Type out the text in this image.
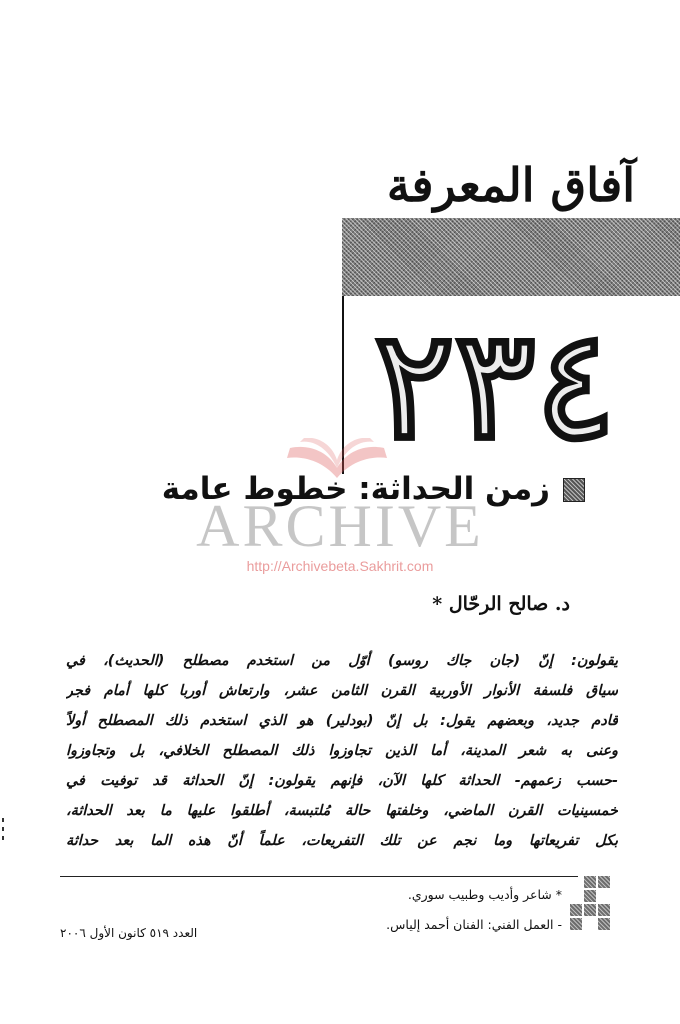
آفاق المعرفة
٢٣٤
ARCHIVE
http://Archivebeta.Sakhrit.com
زمن الحداثة: خطوط عامة
د. صالح الرحّال *
يقولون: إنّ (جان جاك روسو) أوّل من استخدم مصطلح (الحديث)، في
سياق فلسفة الأنوار الأوربية القرن الثامن عشر، وارتعاش أوربا كلها أمام فجر
قادم جديد، وبعضهم يقول: بل إنّ (بودلير) هو الذي استخدم ذلك المصطلح أولاً
وعنى به شعر المدينة، أما الذين تجاوزوا ذلك المصطلح الخلافي، بل وتجاوزوا
-حسب زعمهم- الحداثة كلها الآن، فإنهم يقولون: إنّ الحداثة قد توفيت في
خمسينيات القرن الماضي، وخلفتها حالة مُلتبسة، أطلقوا عليها ما بعد الحداثة،
بكل تفريعاتها وما نجم عن تلك التفريعات، علماً أنّ هذه الما بعد حداثة
* شاعر وأديب وطبيب سوري.
- العمل الفني: الفنان أحمد إلياس.
العدد ٥١٩ كانون الأول ٢٠٠٦
